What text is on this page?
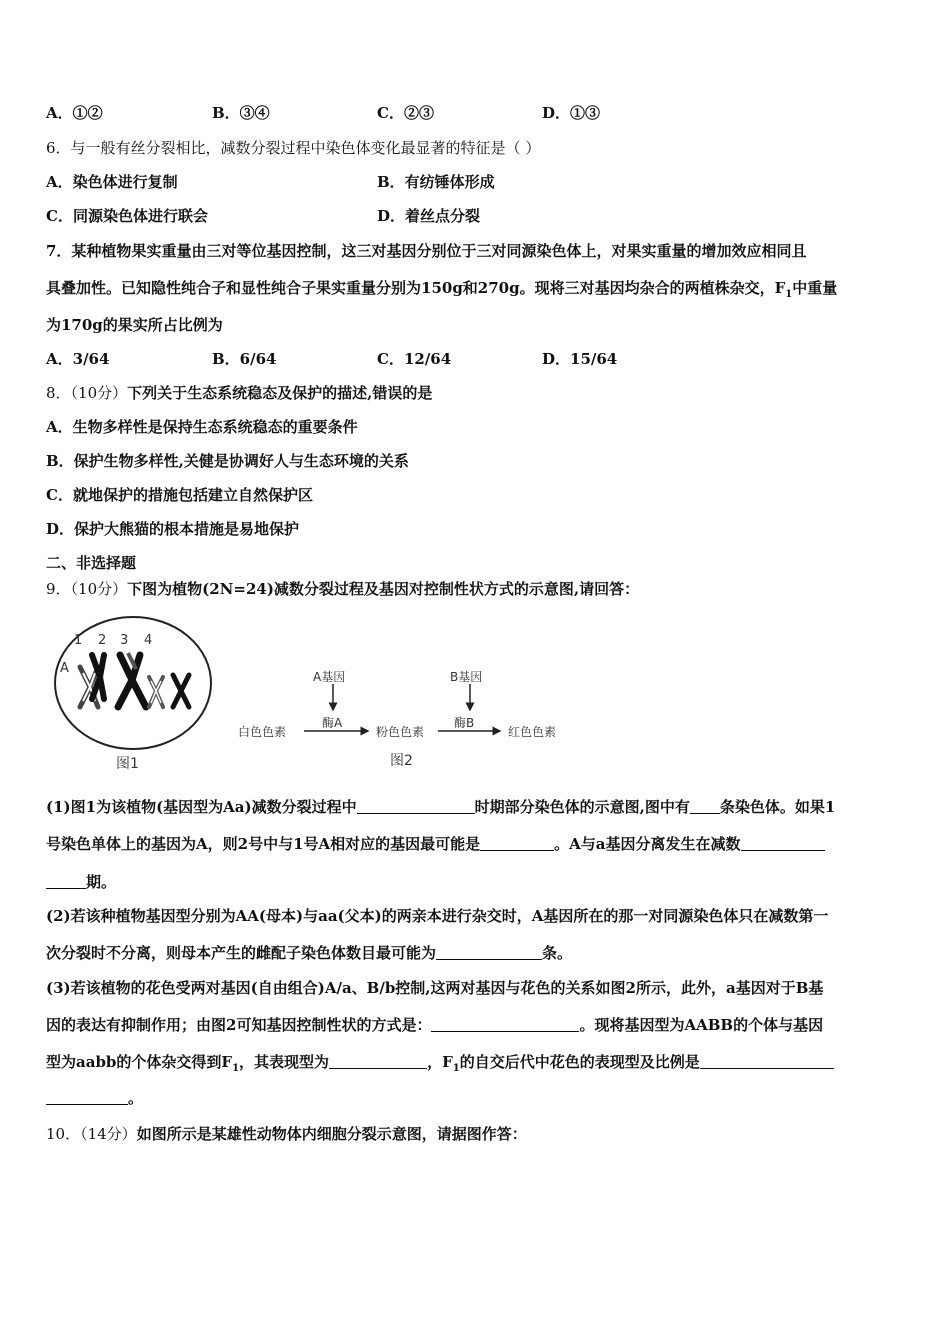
A．①②	B．③④	C．②③	D．①③
6．与一般有丝分裂相比，减数分裂过程中染色体变化最显著的特征是（ ）
A．染色体进行复制	B．有纺锤体形成
C．同源染色体进行联会	D．着丝点分裂
7．某种植物果实重量由三对等位基因控制，这三对基因分别位于三对同源染色体上，对果实重量的增加效应相同且
具叠加性。已知隐性纯合子和显性纯合子果实重量分别为150g和270g。现将三对基因均杂合的两植株杂交，$F_1$中重量
为170g的果实所占比例为
A．3/64	B．6/64	C．12/64	D．15/64
8．（10分）下列关于生态系统稳态及保护的描述,错误的是
A．生物多样性是保持生态系统稳态的重要条件
B．保护生物多样性,关健是协调好人与生态环境的关系
C．就地保护的措施包括建立自然保护区
D．保护大熊猫的根本措施是易地保护
二、非选择题
9．（10分）下图为植物(2N=24)减数分裂过程及基因对控制性状方式的示意图,请回答：
1 2 3 4
A
图1
A基因	B基因
酶A	酶B
白色色素	粉色色素	红色色素
图2
(1)图1为该植物(基因型为Aa)减数分裂过程中	时期部分染色体的示意图,图中有 条染色体。如果1
号染色单体上的基因为A，则2号中与1号A相对应的基因最可能是	。A与a基因分离发生在减数
期。
(2)若该种植物基因型分别为AA(母本)与aa(父本)的两亲本进行杂交时，A基因所在的那一对同源染色体只在减数第一
次分裂时不分离，则母本产生的雌配子染色体数目最可能为	条。
(3)若该植物的花色受两对基因(自由组合)A/a、B/b控制,这两对基因与花色的关系如图2所示，此外，a基因对于B基
因的表达有抑制作用；由图2可知基因控制性状的方式是：	。现将基因型为AABB的个体与基因
型为aabb的个体杂交得到$F_1$，其表现型为	，$F_1$的自交后代中花色的表现型及比例是
。
10．（14分）如图所示是某雄性动物体内细胞分裂示意图，请据图作答：
